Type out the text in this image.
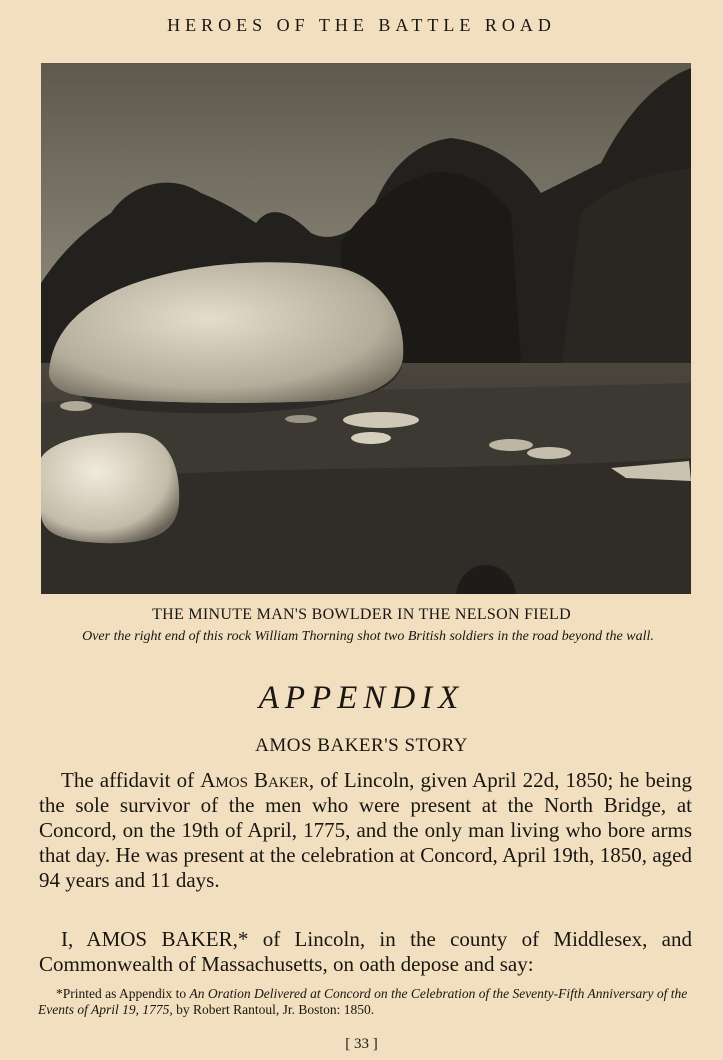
HEROES OF THE BATTLE ROAD
THE MINUTE MAN'S BOWLDER IN THE NELSON FIELD
Over the right end of this rock William Thorning shot two British soldiers in the road beyond the wall.
APPENDIX
AMOS BAKER'S STORY
The affidavit of Amos Baker, of Lincoln, given April 22d, 1850; he being the sole survivor of the men who were present at the North Bridge, at Concord, on the 19th of April, 1775, and the only man living who bore arms that day. He was present at the celebration at Concord, April 19th, 1850, aged 94 years and 11 days.
I, AMOS BAKER,* of Lincoln, in the county of Middlesex, and Commonwealth of Massachusetts, on oath depose and say:
*Printed as Appendix to An Oration Delivered at Concord on the Celebration of the Seventy-Fifth Anniversary of the Events of April 19, 1775, by Robert Rantoul, Jr. Boston: 1850.
[ 33 ]
